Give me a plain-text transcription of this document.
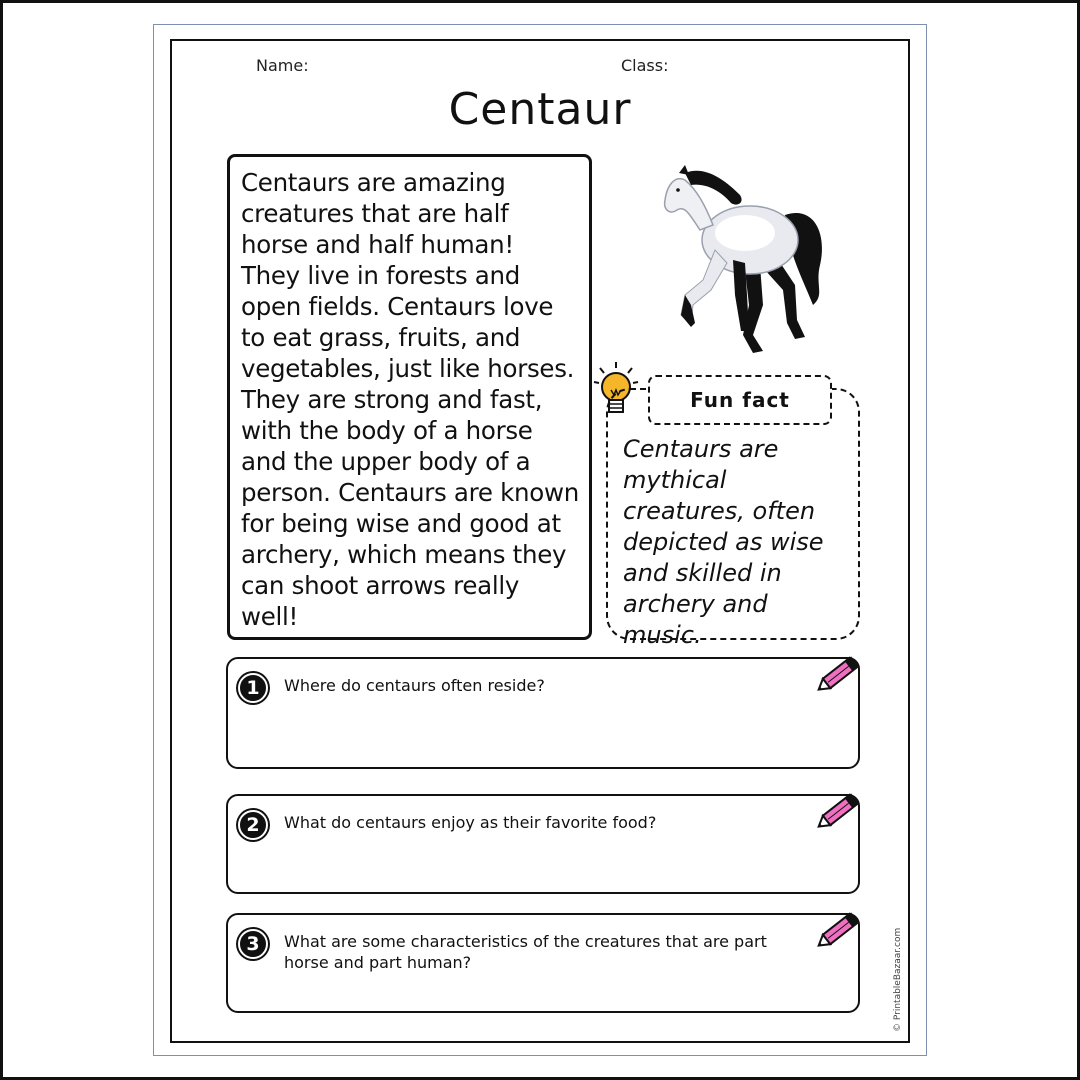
Name:	Class:
Centaur

Centaurs are amazing creatures that are half horse and half human! They live in forests and open fields. Centaurs love to eat grass, fruits, and vegetables, just like horses. They are strong and fast, with the body of a horse and the upper body of a person. Centaurs are known for being wise and good at archery, which means they can shoot arrows really well!

Centaurs are mythical creatures, often depicted as wise and skilled in archery and music.

Fun fact
1	Where do centaurs often reside?
2	What do centaurs enjoy as their favorite food?
3	What are some characteristics of the creatures that are part horse and part human?	© PrintableBazaar.com
